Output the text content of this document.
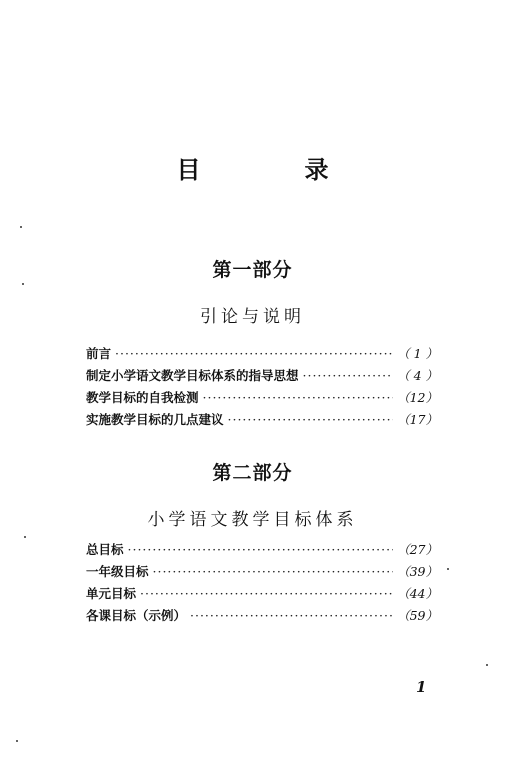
目　录
第一部分
引论与说明
前言 ·····	（ 1 ）
制定小学语文教学目标体系的指导思想 ·····	（ 4 ）
教学目标的自我检测 ·····	（12）
实施教学目标的几点建议 ·····	（17）
第二部分
小学语文教学目标体系
总目标 ·····	（27）
一年级目标 ·····	（39）
单元目标 ·····	（44）
各课目标（示例） ·····	（59）
1
